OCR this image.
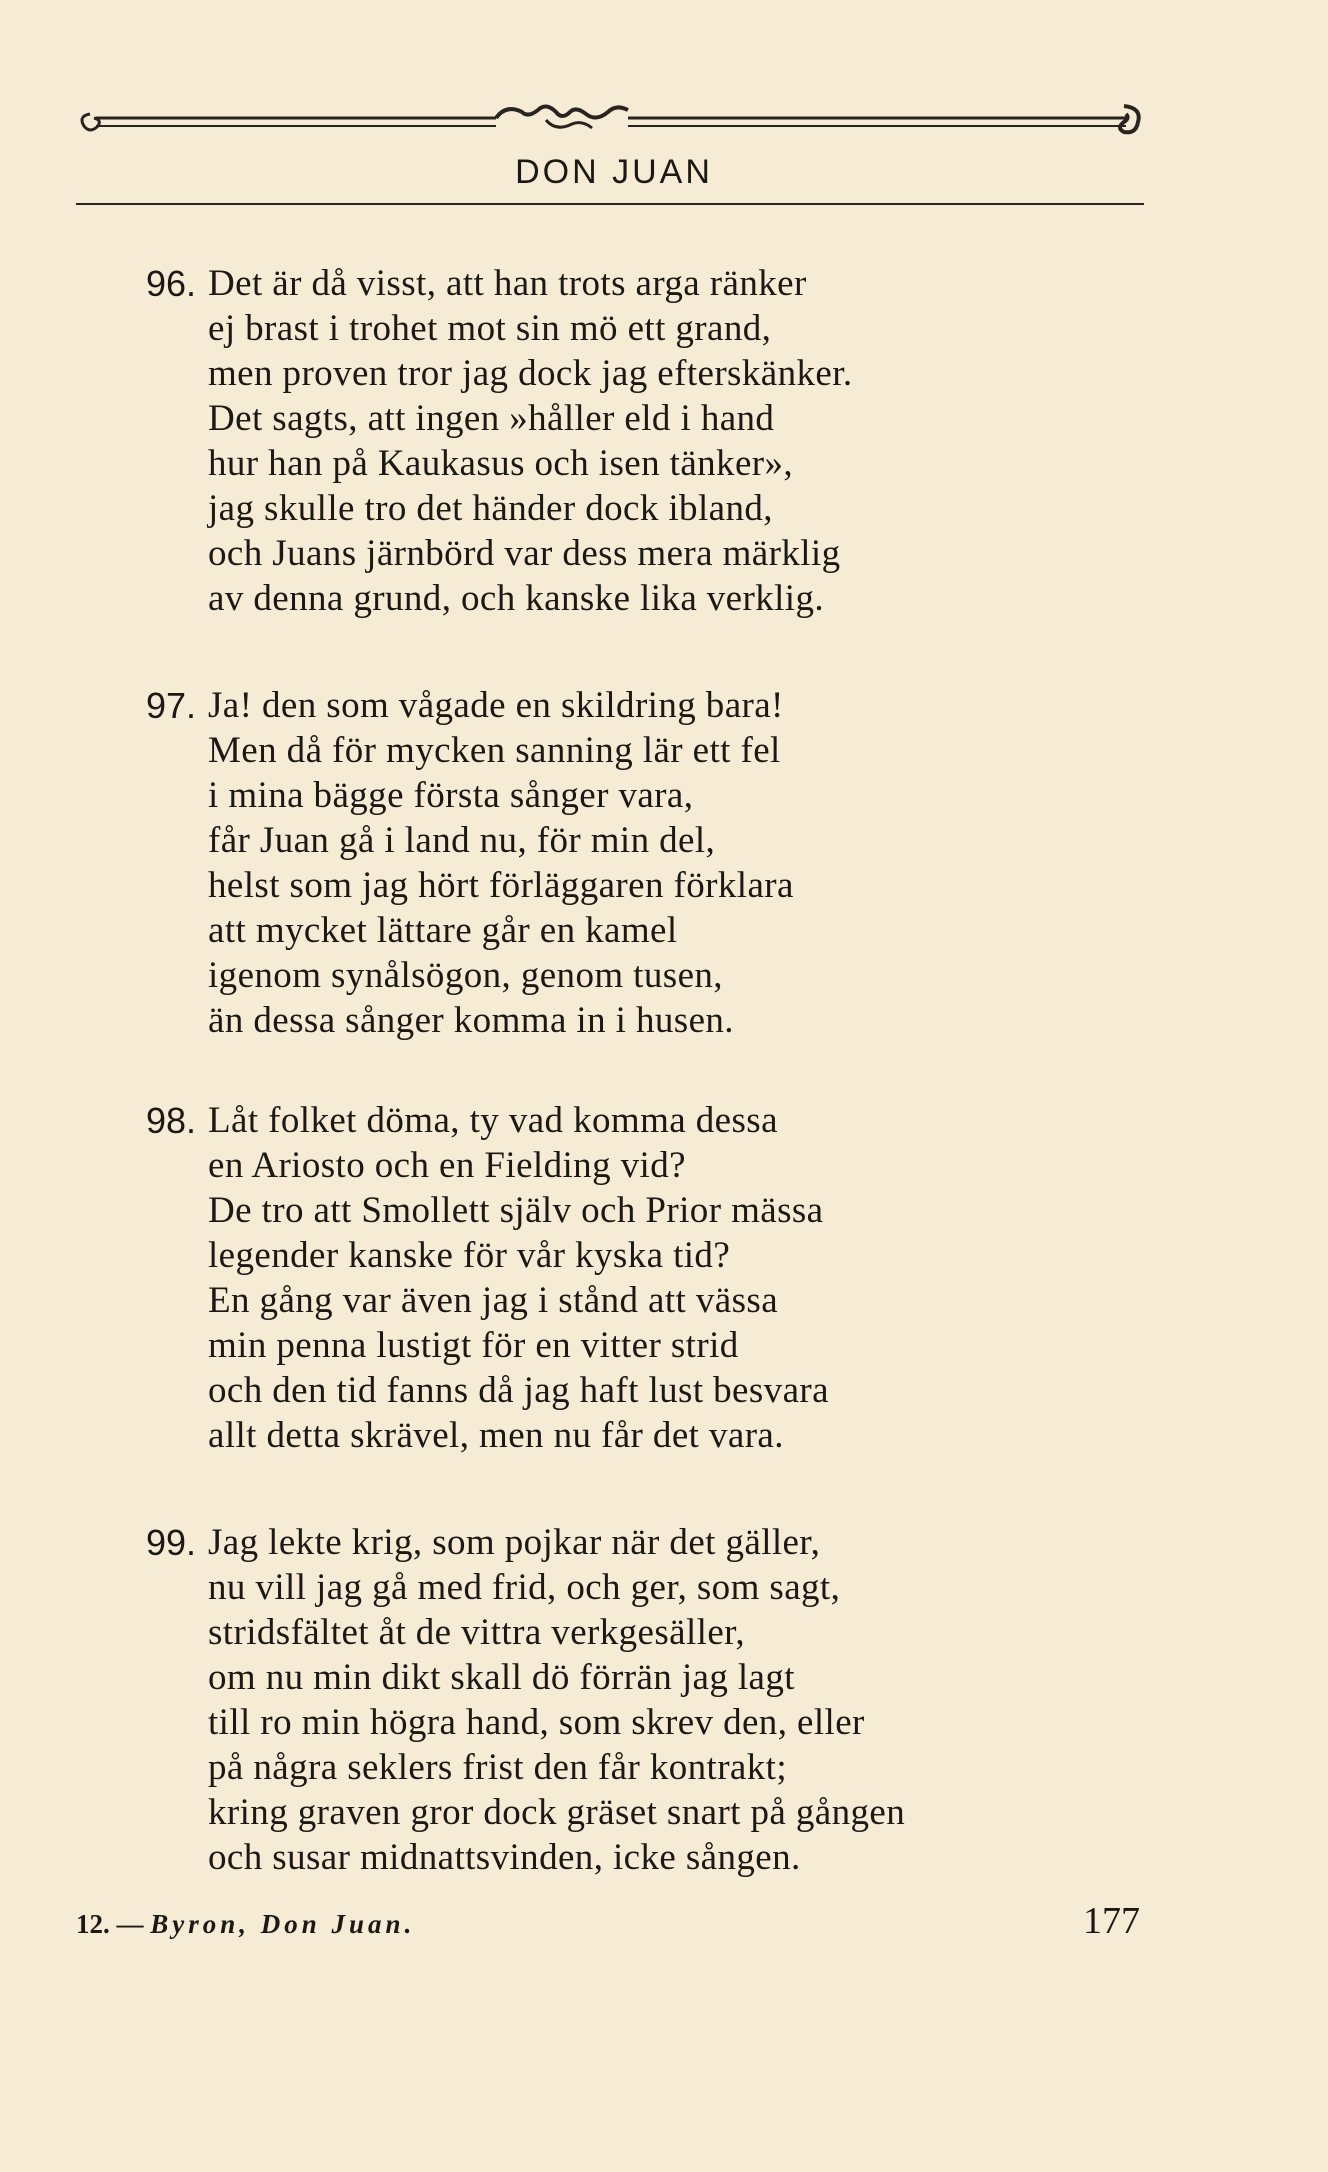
DON JUAN
96. Det är då visst, att han trots arga ränker
ej brast i trohet mot sin mö ett grand,
men proven tror jag dock jag efterskänker.
Det sagts, att ingen »håller eld i hand
hur han på Kaukasus och isen tänker»,
jag skulle tro det händer dock ibland,
och Juans järnbörd var dess mera märklig
av denna grund, och kanske lika verklig.
97. Ja! den som vågade en skildring bara!
Men då för mycken sanning lär ett fel
i mina bägge första sånger vara,
får Juan gå i land nu, för min del,
helst som jag hört förläggaren förklara
att mycket lättare går en kamel
igenom synålsögon, genom tusen,
än dessa sånger komma in i husen.
98. Låt folket döma, ty vad komma dessa
en Ariosto och en Fielding vid?
De tro att Smollett själv och Prior mässa
legender kanske för vår kyska tid?
En gång var även jag i stånd att vässa
min penna lustigt för en vitter strid
och den tid fanns då jag haft lust besvara
allt detta skrävel, men nu får det vara.
99. Jag lekte krig, som pojkar när det gäller,
nu vill jag gå med frid, och ger, som sagt,
stridsfältet åt de vittra verkgesäller,
om nu min dikt skall dö förrän jag lagt
till ro min högra hand, som skrev den, eller
på några seklers frist den får kontrakt;
kring graven gror dock gräset snart på gången
och susar midnattsvinden, icke sången.
12. — Byron, Don Juan.	177
